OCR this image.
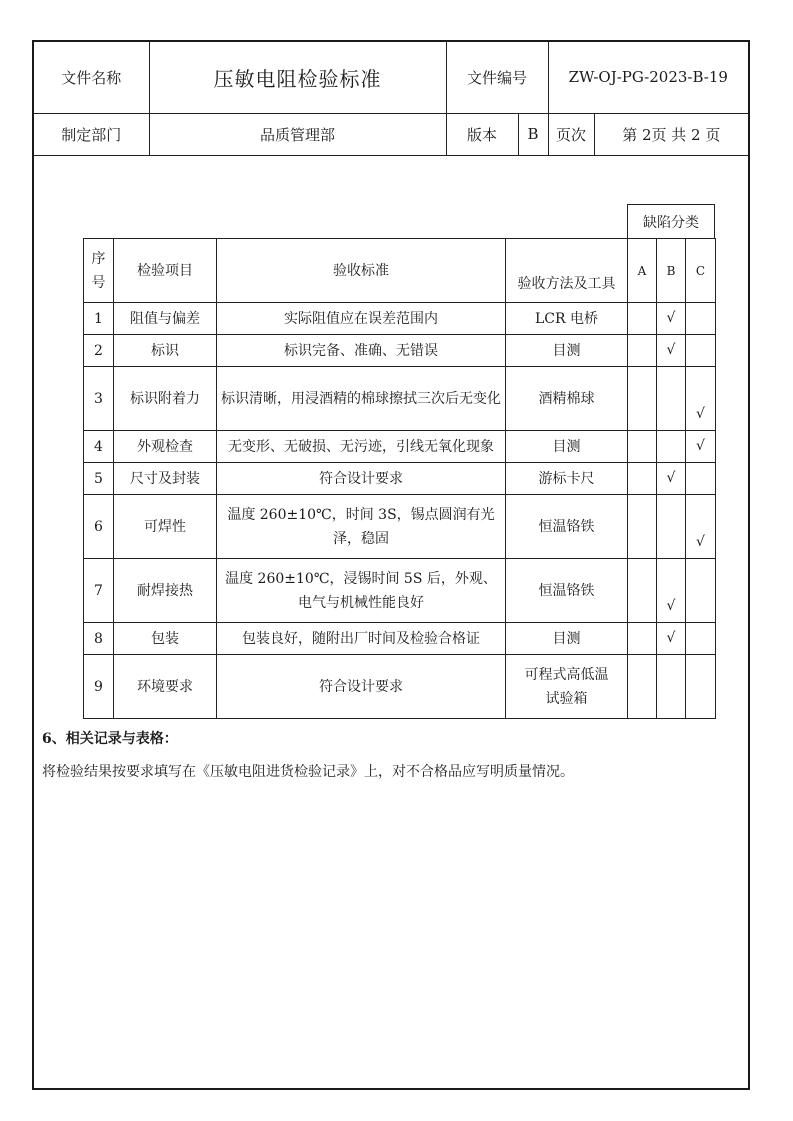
文件名称	压敏电阻检验标准	文件编号		ZW-OJ-PG-2023-B-19	
制定部门	品质管理部	版本	B	页次	第 2页 共 2 页
缺陷分类
序
号	检验项目	验收标准	验收方法及工具	A	B	C
1	阻值与偏差	实际阻值应在误差范围内	LCR 电桥		√	
2	标识	标识完备、准确、无错误	目测		√	
3	标识附着力	标识清晰，用浸酒精的棉球擦拭三次后无变化	酒精棉球			√
4	外观检查	无变形、无破损、无污迹，引线无氧化现象	目测			√
5	尺寸及封装	符合设计要求	游标卡尺		√	
6	可焊性	温度 260±10℃，时间 3S，锡点圆润有光泽，稳固	恒温铬铁			√
7	耐焊接热	温度 260±10℃，浸锡时间 5S 后，外观、电气与机械性能良好	恒温铬铁		√	
8	包装	包装良好，随附出厂时间及检验合格证	目测		√	
9	环境要求	符合设计要求	可程式高低温试验箱			
6、相关记录与表格：
将检验结果按要求填写在《压敏电阻进货检验记录》上，对不合格品应写明质量情况。
